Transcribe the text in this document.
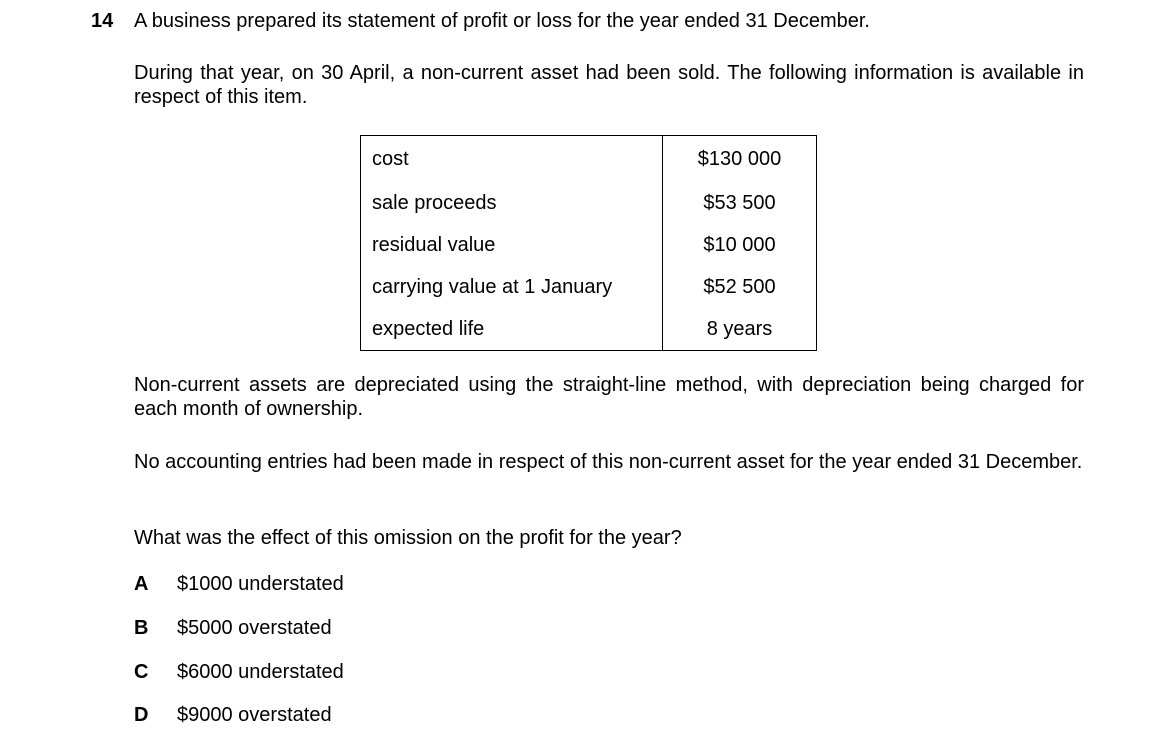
14 A business prepared its statement of profit or loss for the year ended 31 December.
During that year, on 30 April, a non-current asset had been sold. The following information is available in respect of this item.
cost	$130 000
sale proceeds	$53 500
residual value	$10 000
carrying value at 1 January	$52 500
expected life	8 years
Non-current assets are depreciated using the straight-line method, with depreciation being charged for each month of ownership.
No accounting entries had been made in respect of this non-current asset for the year ended 31 December.
What was the effect of this omission on the profit for the year?
A $1000 understated
B $5000 overstated
C $6000 understated
D $9000 overstated
